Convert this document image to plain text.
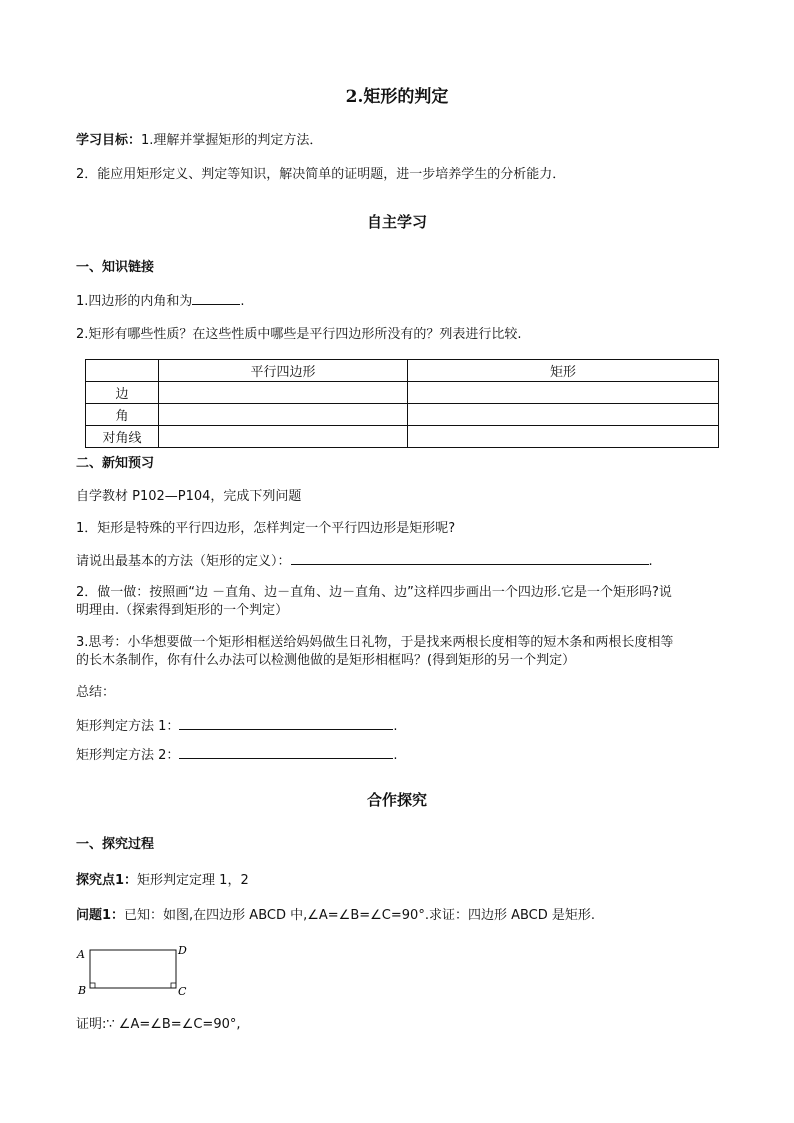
2.矩形的判定
学习目标：1.理解并掌握矩形的判定方法．
2．能应用矩形定义、判定等知识，解决简单的证明题，进一步培养学生的分析能力．
自主学习
一、知识链接
1.四边形的内角和为	.
2.矩形有哪些性质？在这些性质中哪些是平行四边形所没有的？列表进行比较.
	平行四边形	矩形
边		
角		
对角线		
二、新知预习
自学教材 P102—P104，完成下列问题
1．矩形是特殊的平行四边形，怎样判定一个平行四边形是矩形呢?
请说出最基本的方法（矩形的定义）：	.
2．做一做：按照画“边 －直角、边－直角、边－直角、边”这样四步画出一个四边形.它是一个矩形吗?说
明理由.（探索得到矩形的一个判定）
3.思考：小华想要做一个矩形相框送给妈妈做生日礼物，于是找来两根长度相等的短木条和两根长度相等
的长木条制作，你有什么办法可以检测他做的是矩形相框吗？(得到矩形的另一个判定）
总结：
矩形判定方法 1：	.
矩形判定方法 2：	.
合作探究
一、探究过程
探究点1：矩形判定定理 1，2
问题1：已知：如图,在四边形 ABCD 中,∠A=∠B=∠C=90°.求证：四边形 ABCD 是矩形.
A	D
B	C
证明:∵ ∠A=∠B=∠C=90°,
